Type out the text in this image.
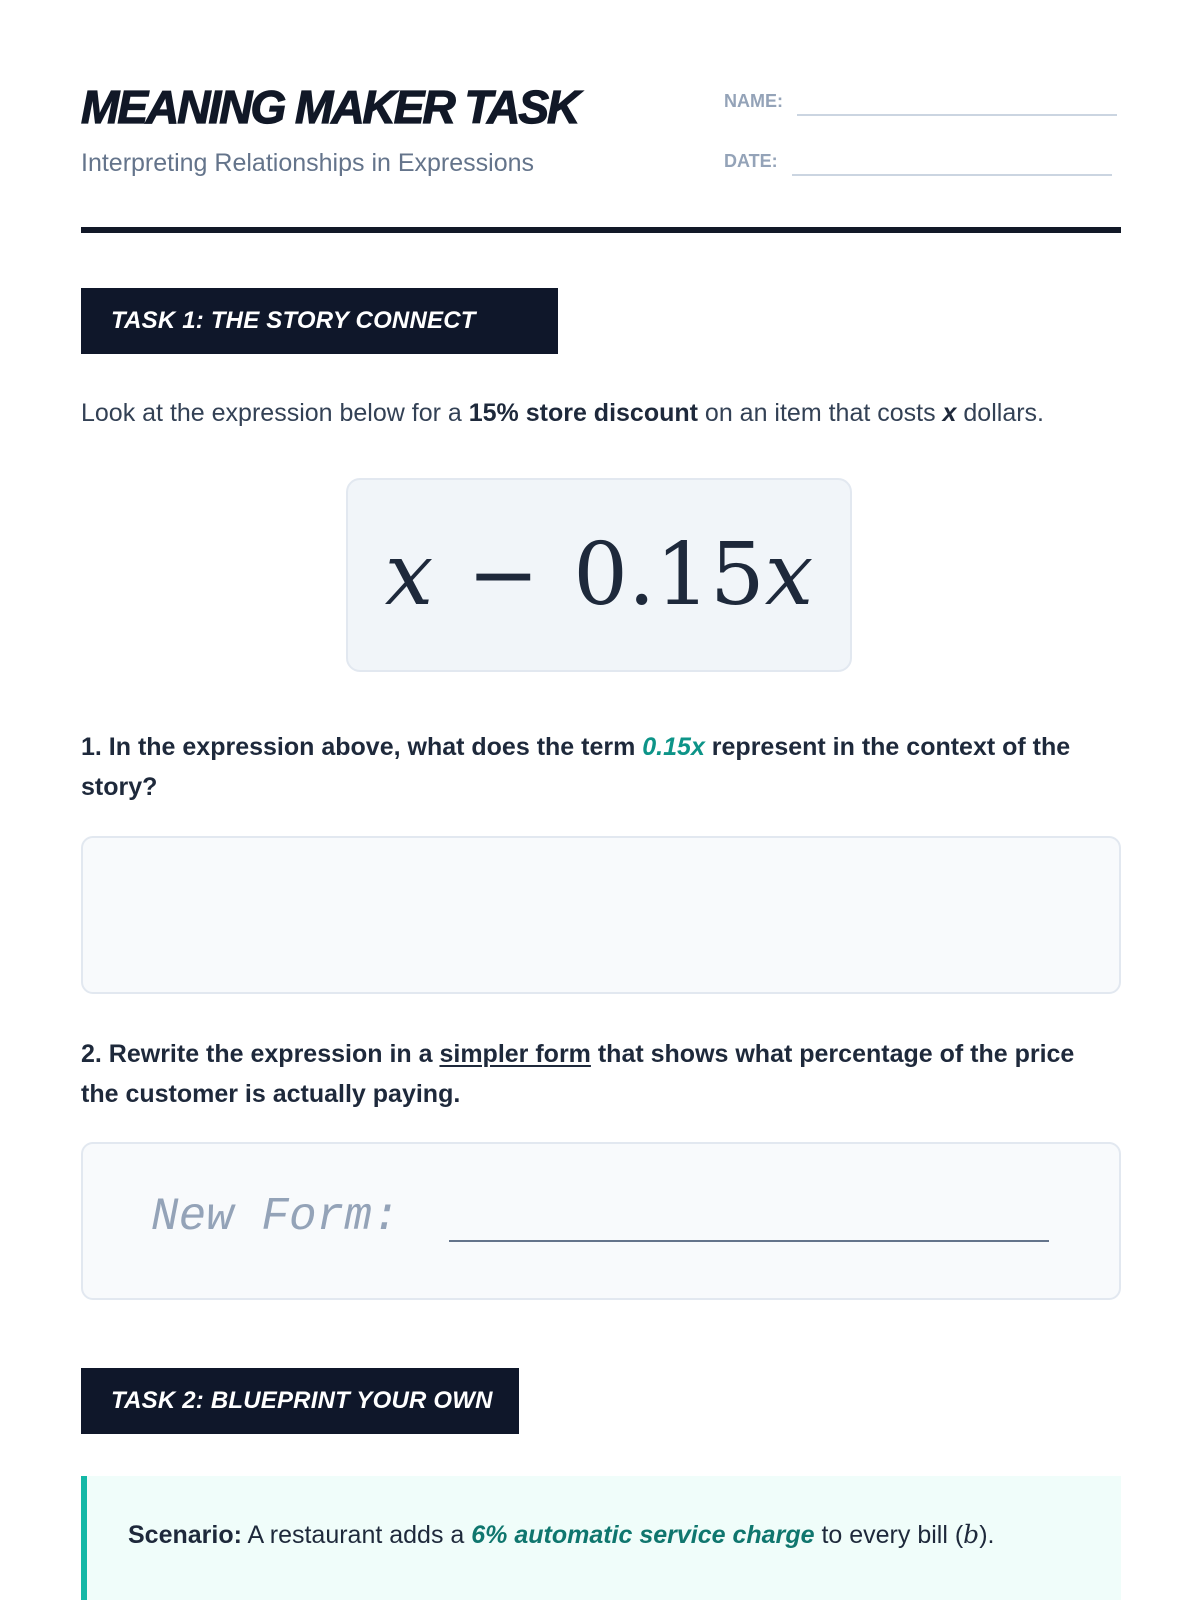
MEANING MAKER TASK
Interpreting Relationships in Expressions
NAME:
DATE:
TASK 1: THE STORY CONNECT
Look at the expression below for a 15% store discount on an item that costs x dollars.
x − 0.15x
1. In the expression above, what does the term 0.15x represent in the context of the story?
2. Rewrite the expression in a simpler form that shows what percentage of the price the customer is actually paying.
New Form:
TASK 2: BLUEPRINT YOUR OWN
Scenario: A restaurant adds a 6% automatic service charge to every bill (b).
